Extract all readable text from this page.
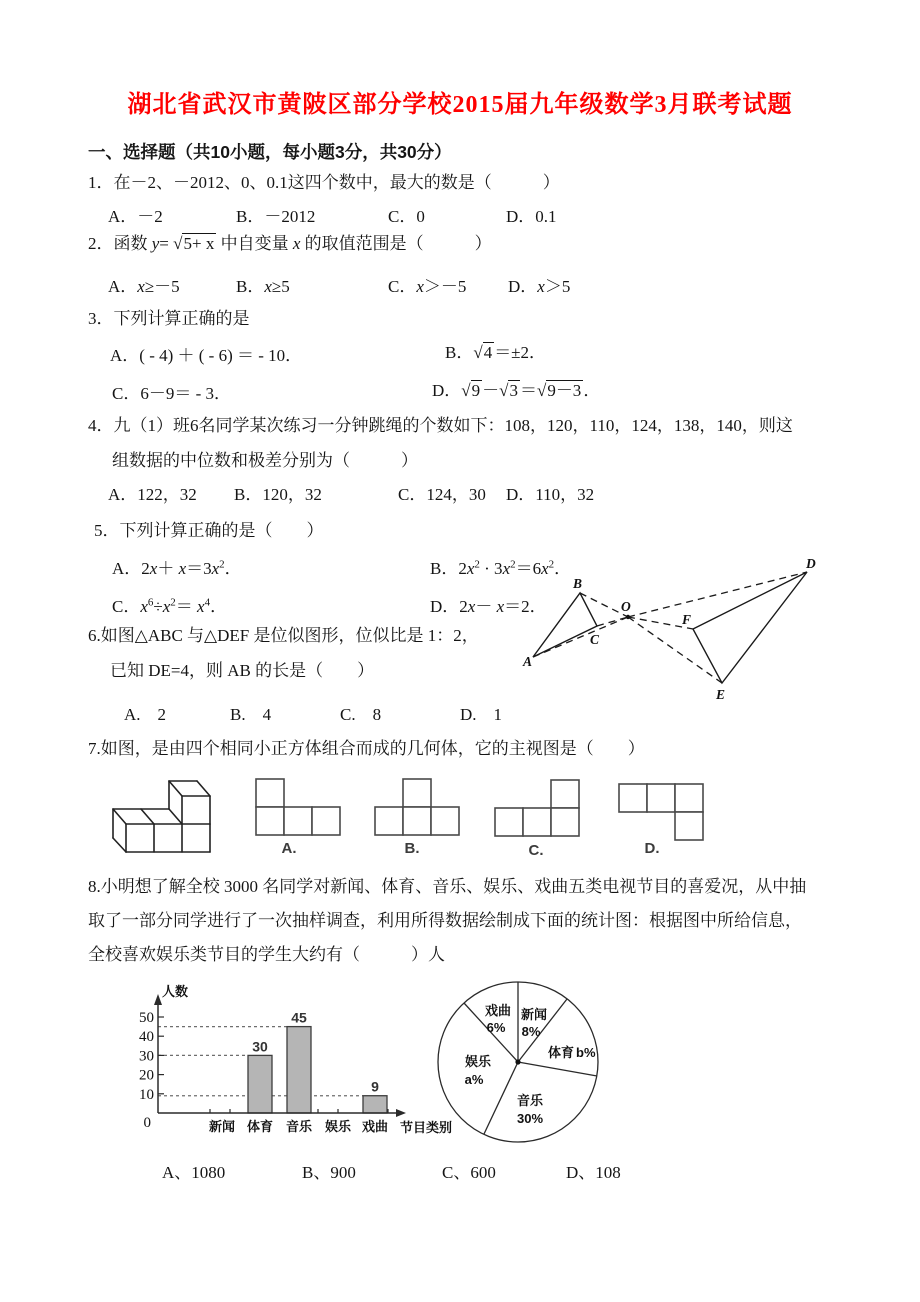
湖北省武汉市黄陂区部分学校2015届九年级数学3月联考试题
一、选择题（共10小题，每小题3分，共30分）
1．在－2、－2012、0、0.1这四个数中，最大的数是（　　　）
A．－2	B．－2012	C．0	D．0.1
2．函数 y= √5+ x 中自变量 x 的取值范围是（　　　）
A．x≥－5	B．x≥5	C．x＞－5 D．x＞5
3．下列计算正确的是
A．( - 4) ＋ ( - 6) ＝ - 10．	B．√4 ＝±2．
C．6－9＝ - 3．	D．√9 －√3 ＝√9－3 ．
4．九（1）班6名同学某次练习一分钟跳绳的个数如下：108，120，110，124，138，140，则这
组数据的中位数和极差分别为（　　　）
A．122，32 B．120，32	C．124，30 D．110，32
5．下列计算正确的是（　　）
A．$2x+ x=3x^2$．	B．$2x^2 \cdot 3x^2=6x^2$．
C．$x^6\div x^2= x^4$．	D．2x－ x＝2．
A
B
C
O
F
D
E
6.如图△ABC 与△DEF 是位似图形，位似比是 1：2，
已知 DE=4，则 AB 的长是（　　）
A.　2	B.　4	C.　8	D.　1
7.如图，是由四个相同小正方体组合而成的几何体，它的主视图是（　　）
A.	B.	C.	D.
8.小明想了解全校 3000 名同学对新闻、体育、音乐、娱乐、戏曲五类电视节目的喜爱况，从中抽
取了一部分同学进行了一次抽样调查，利用所得数据绘制成下面的统计图：根据图中所给信息，
全校喜欢娱乐类节目的学生大约有（　　　）人
30
45
9
50
40
30
20
10
新闻 体育 音乐 娱乐 戏曲
0
人数
节目类别
戏曲
6%
新闻
8%
体育 b%
音乐
30%
娱乐
a%
A、1080	B、900	C、600	D、108
